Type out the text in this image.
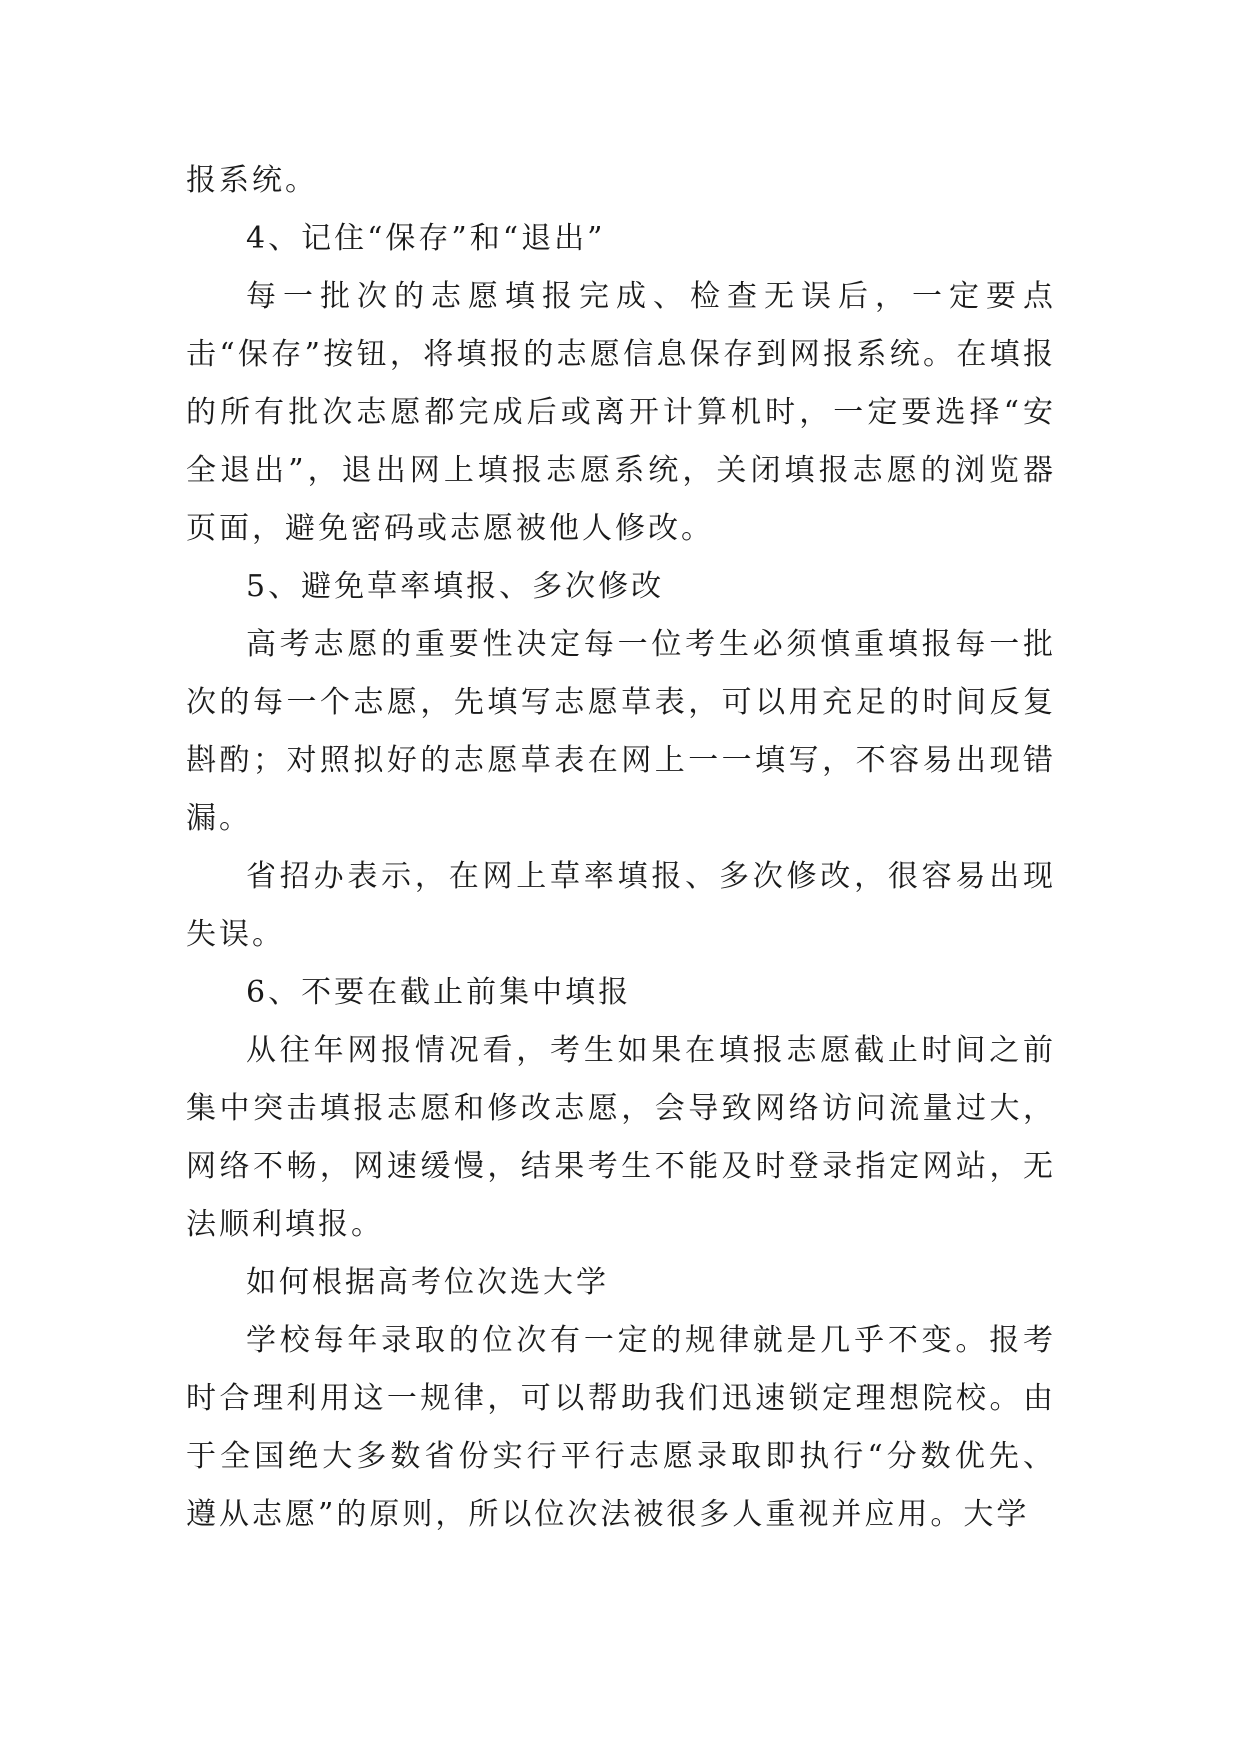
报系统。

4、记住“保存”和“退出”

每一批次的志愿填报完成、检查无误后，一定要点击“保存”按钮，将填报的志愿信息保存到网报系统。在填报的所有批次志愿都完成后或离开计算机时，一定要选择“安全退出”，退出网上填报志愿系统，关闭填报志愿的浏览器页面，避免密码或志愿被他人修改。

5、避免草率填报、多次修改

高考志愿的重要性决定每一位考生必须慎重填报每一批次的每一个志愿，先填写志愿草表，可以用充足的时间反复斟酌；对照拟好的志愿草表在网上一一填写，不容易出现错漏。

省招办表示，在网上草率填报、多次修改，很容易出现失误。

6、不要在截止前集中填报

从往年网报情况看，考生如果在填报志愿截止时间之前集中突击填报志愿和修改志愿，会导致网络访问流量过大，网络不畅，网速缓慢，结果考生不能及时登录指定网站，无法顺利填报。

如何根据高考位次选大学

学校每年录取的位次有一定的规律就是几乎不变。报考时合理利用这一规律，可以帮助我们迅速锁定理想院校。由于全国绝大多数省份实行平行志愿录取即执行“分数优先、遵从志愿”的原则，所以位次法被很多人重视并应用。大学
